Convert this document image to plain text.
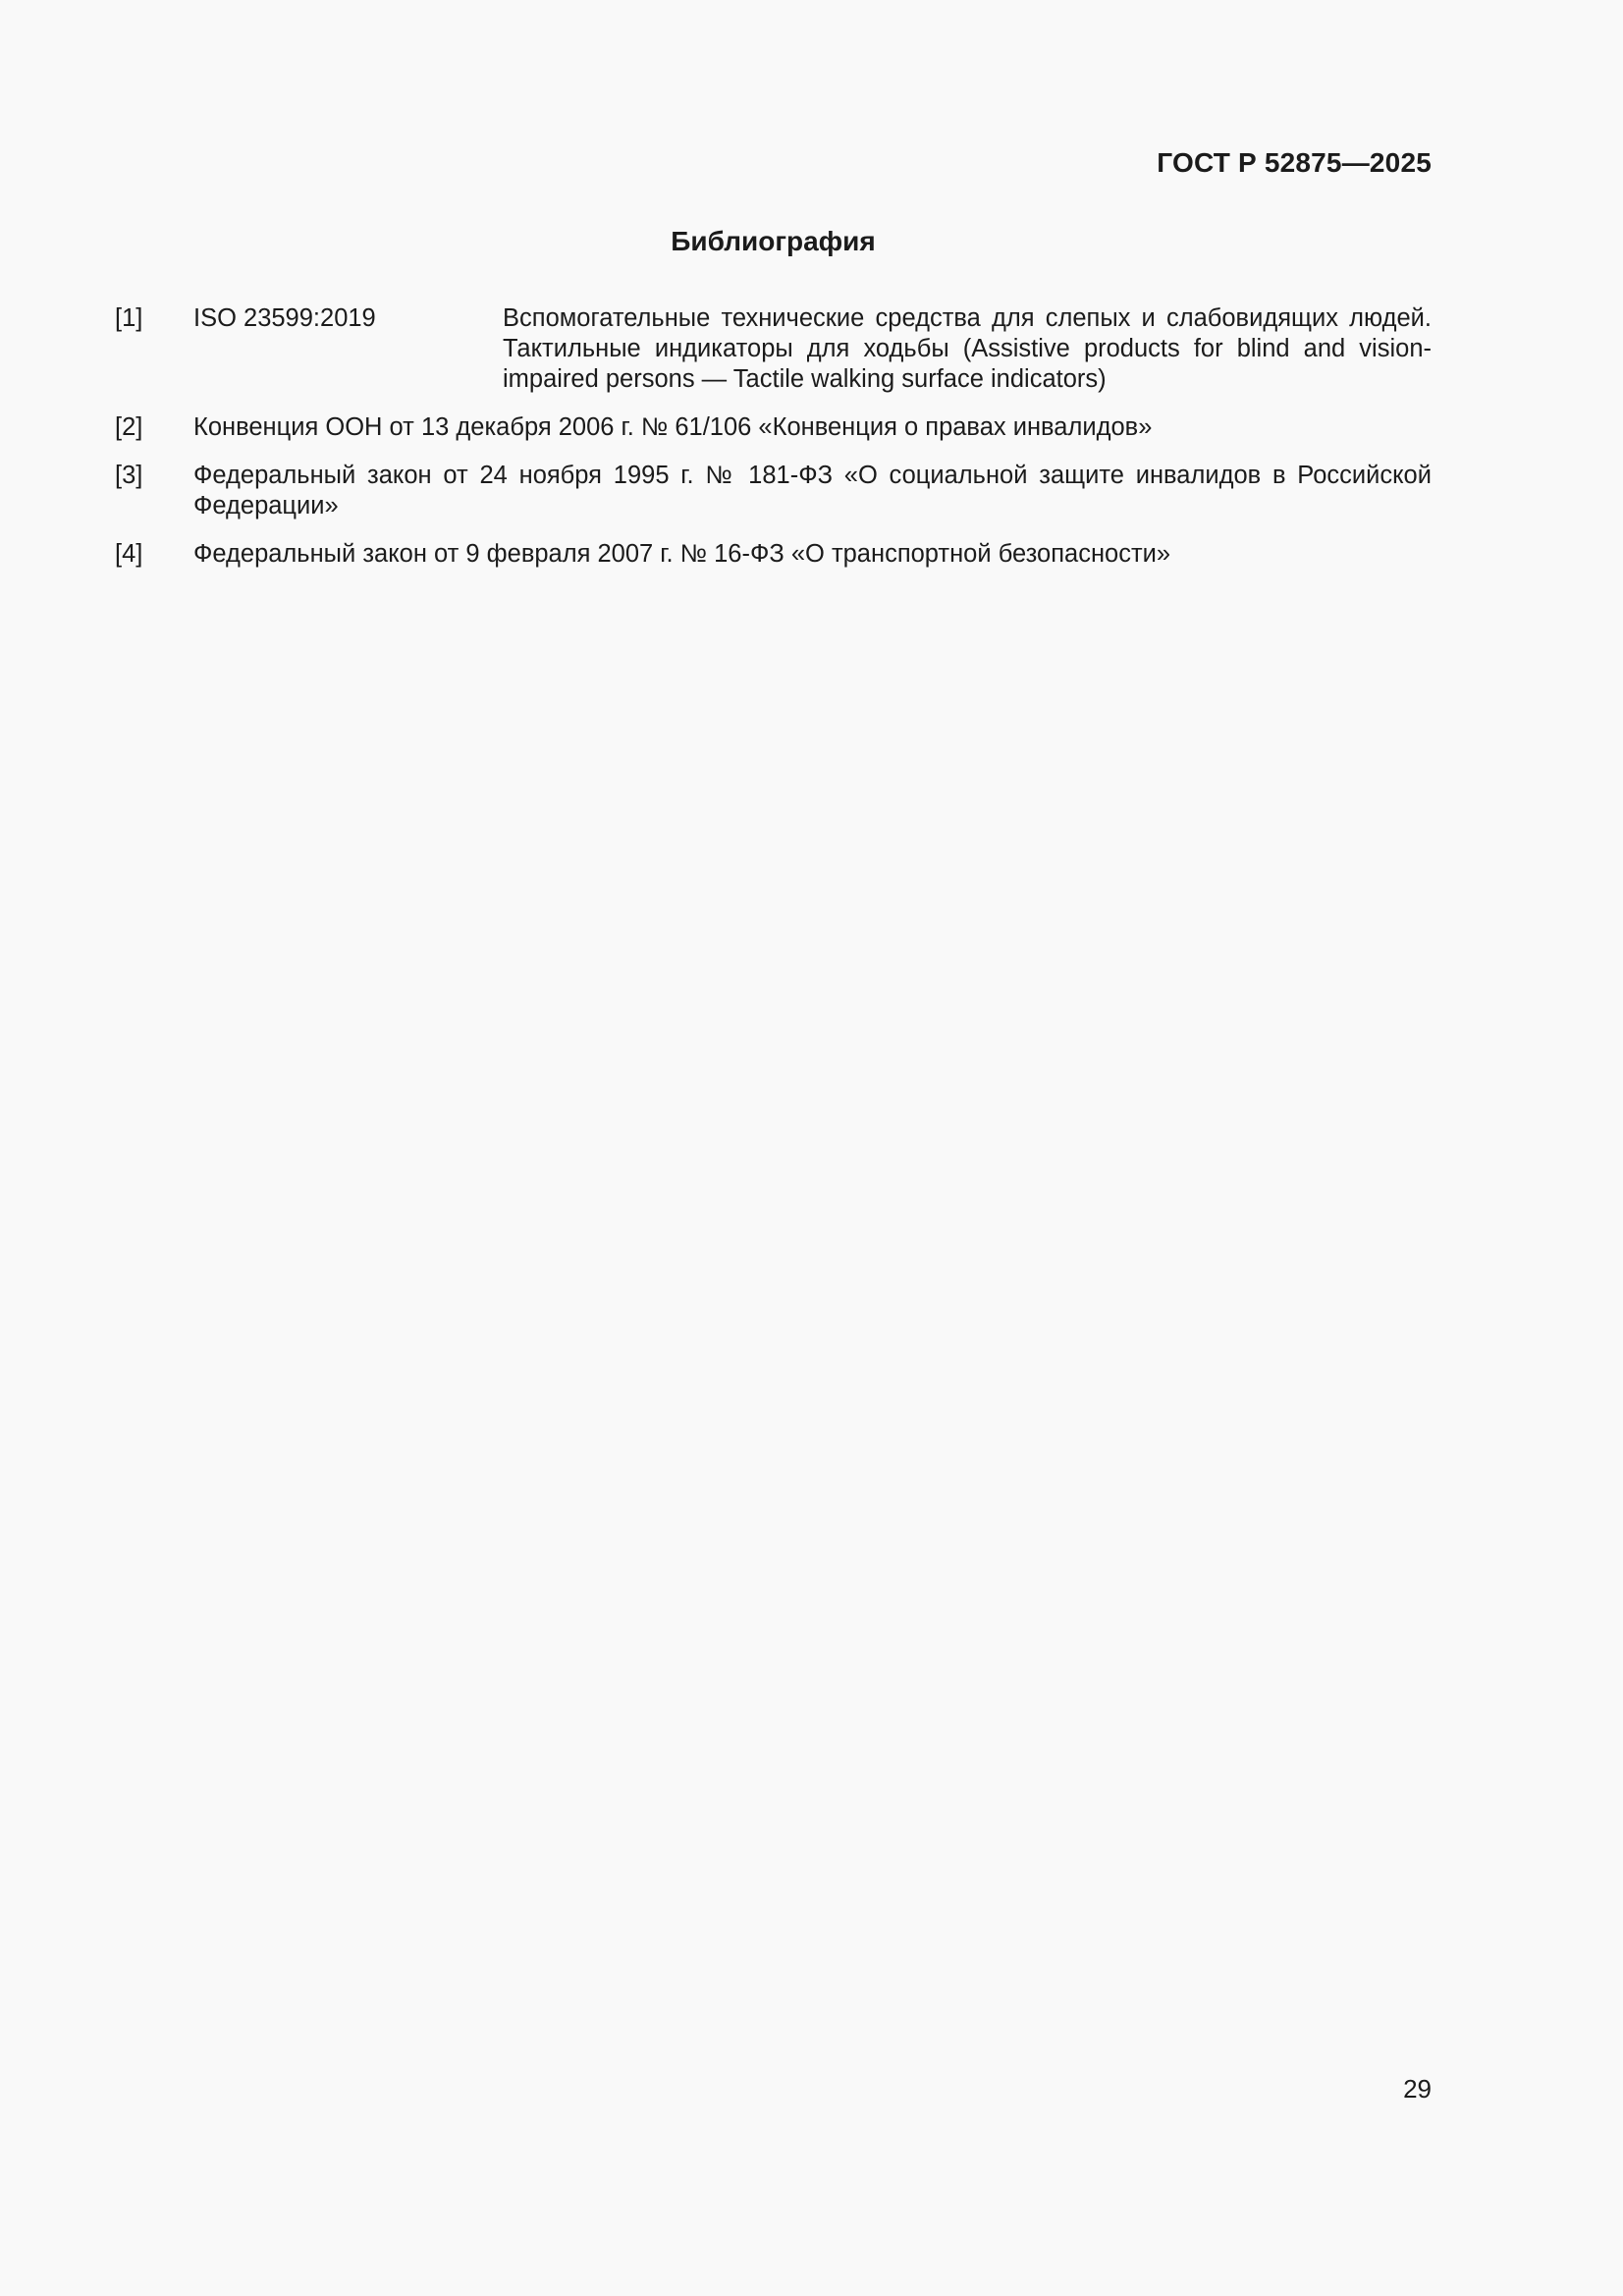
ГОСТ Р 52875—2025
Библиография
[1] ISO 23599:2019	Вспомогательные технические средства для слепых и слабовидящих людей. Тактильные индикаторы для ходьбы (Assistive products for blind and vision-impaired persons — Tactile walking surface indicators)
[2] Конвенция ООН от 13 декабря 2006 г. № 61/106 «Конвенция о правах инвалидов»
[3] Федеральный закон от 24 ноября 1995 г. № 181-ФЗ «О социальной защите инвалидов в Российской Федерации»
[4] Федеральный закон от 9 февраля 2007 г. № 16-ФЗ «О транспортной безопасности»
29
